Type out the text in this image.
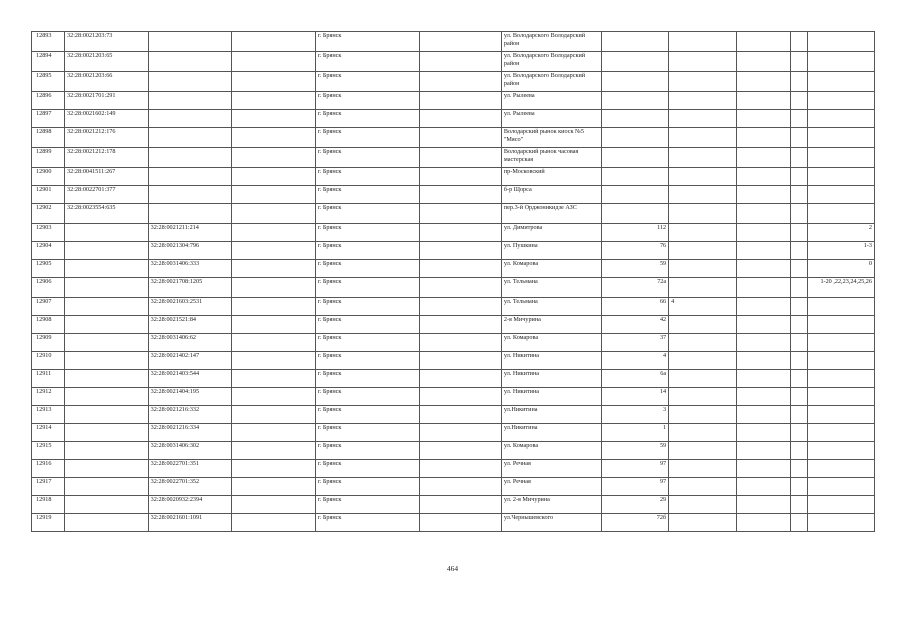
12893	32:28:0021203:73			г. Брянск		ул. Володарского Володарский район					
12894	32:28:0021203:65			г. Брянск		ул. Володарского Володарский район					
12895	32:28:0021203:66			г. Брянск		ул. Володарского Володарский район					
12896	32:28:0021701:291			г. Брянск		ул. Рылеева					
12897	32:28:0021602:149			г. Брянск		ул. Рылеева					
12898	32:28:0021212:176			г. Брянск		Володарский рынок киоск №5 "Мясо"					
12899	32:28:0021212:178			г. Брянск		Володарский рынок часовая мастерская					
12900	32:28:0041511:267			г. Брянск		пр-Московский					
12901	32:28:0022701:377			г. Брянск		б-р Щорса					
12902	32:28:0023554:635			г. Брянск		пер.3-й Орджоникидзе АЗС					
12903		32:28:0021211:214		г. Брянск		ул. Димитрова	112				2
12904		32:28:0021304:796		г. Брянск		ул. Пушкина	76				1-3
12905		32:28:0031406:333		г. Брянск		ул. Комарова	59				0
12906		32:28:0021708:1205		г. Брянск		ул. Тельмана	72а				1-20 ,22,23,24,25,26
12907		32:28:0021603:2531		г. Брянск		ул. Тельмана	66	4			
12908		32:28:0021521:84		г. Брянск		2-я Мичурина	42				
12909		32:28:0031406:62		г. Брянск		ул. Комарова	37				
12910		32:28:0021402:147		г. Брянск		ул. Никитина	4				
12911		32:28:0021403:544		г. Брянск		ул. Никитина	6а				
12912		32:28:0021404:195		г. Брянск		ул. Никитина	14				
12913		32:28:0021216:332		г. Брянск		ул.Никитина	3				
12914		32:28:0021216:334		г. Брянск		ул.Никитина	1				
12915		32:28:0031406:302		г. Брянск		ул. Комарова	59				
12916		32:28:0022701:351		г. Брянск		ул. Речная	97				
12917		32:28:0022701:352		г. Брянск		ул. Речная	97				
12918		32:28:0020932:2394		г. Брянск		ул. 2-я Мичурина	29				
12919		32:28:0021601:1091		г. Брянск		ул.Чернышевского	72б				
464
